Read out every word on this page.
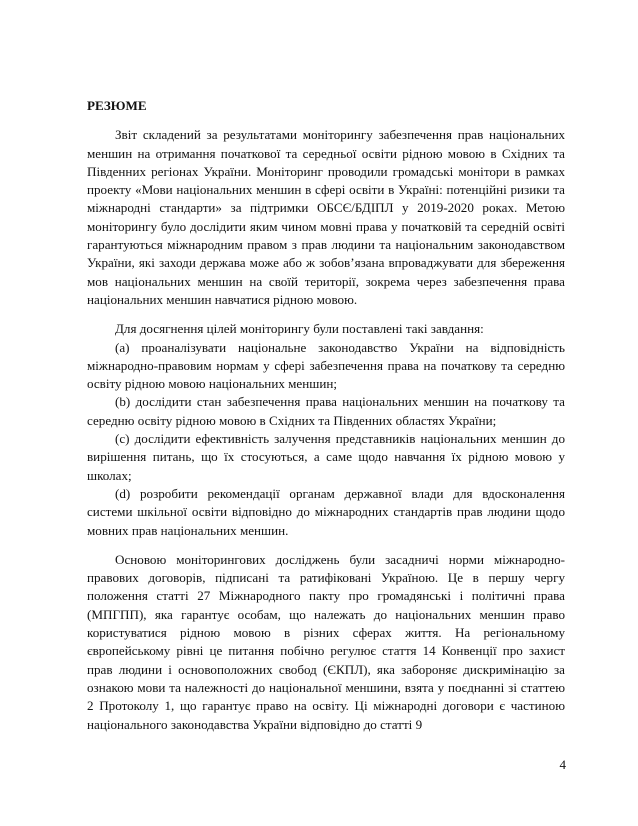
РЕЗЮМЕ

Звіт складений за результатами моніторингу забезпечення прав національних меншин на отримання початкової та середньої освіти рідною мовою в Східних та Південних регіонах України. Моніторинг проводили громадські монітори в рамках проекту «Мови національних меншин в сфері освіти в Україні: потенційні ризики та міжнародні стандарти» за підтримки ОБСЄ/БДІПЛ у 2019-2020 роках. Метою моніторингу було дослідити яким чином мовні права у початковій та середній освіті гарантуються міжнародним правом з прав людини та національним законодавством України, які заходи держава може або ж зобов’язана впроваджувати для збереження мов національних меншин на своїй території, зокрема через забезпечення права національних меншин навчатися рідною мовою.

Для досягнення цілей моніторингу були поставлені такі завдання:

(a) проаналізувати національне законодавство України на відповідність міжнародно-правовим нормам у сфері забезпечення права на початкову та середню освіту рідною мовою національних меншин;

(b) дослідити стан забезпечення права національних меншин на початкову та середню освіту рідною мовою в Східних та Південних областях України;

(c) дослідити ефективність залучення представників національних меншин до вирішення питань, що їх стосуються, а саме щодо навчання їх рідною мовою у школах;

(d) розробити рекомендації органам державної влади для вдосконалення системи шкільної освіти відповідно до міжнародних стандартів прав людини щодо мовних прав національних меншин.

Основою моніторингових досліджень були засадничі норми міжнародно-правових договорів, підписані та ратифіковані Україною. Це в першу чергу положення статті 27 Міжнародного пакту про громадянські і політичні права (МПГПП), яка гарантує особам, що належать до національних меншин право користуватися рідною мовою в різних сферах життя. На регіональному європейському рівні це питання побічно регулює стаття 14 Конвенції про захист прав людини і основоположних свобод (ЄКПЛ), яка забороняє дискримінацію за ознакою мови та належності до національної меншини, взята у поєднанні зі статтею 2 Протоколу 1, що гарантує право на освіту. Ці міжнародні договори є частиною національного законодавства України відповідно до статті 9

4
